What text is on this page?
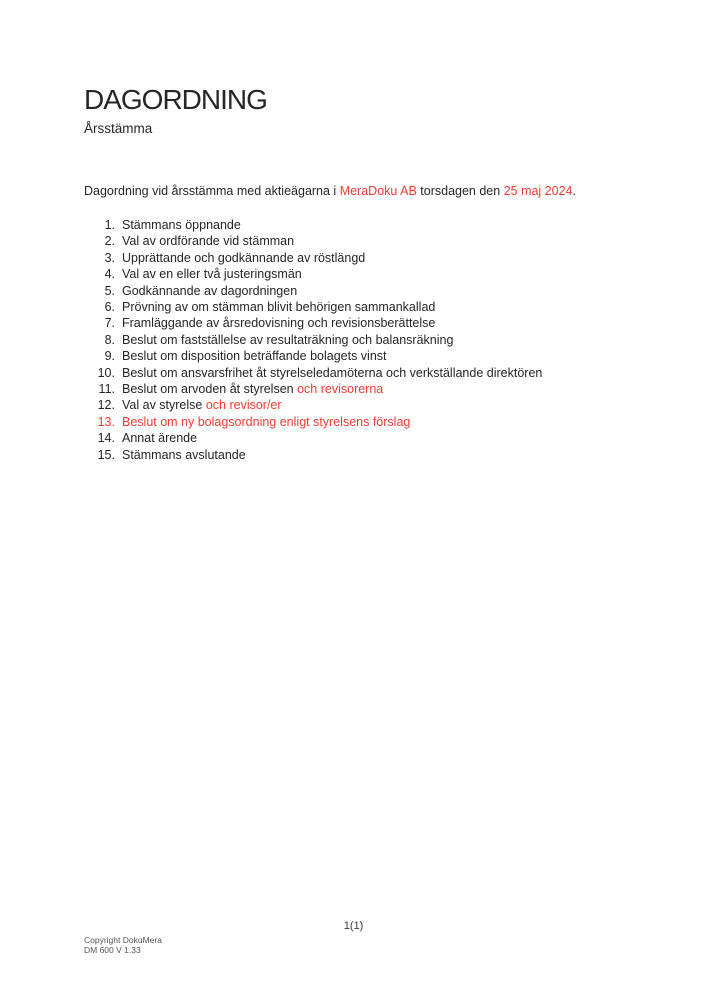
DAGORDNING
Årsstämma

Dagordning vid årsstämma med aktieägarna i MeraDoku AB torsdagen den 25 maj 2024.

1. Stämmans öppnande
2. Val av ordförande vid stämman
3. Upprättande och godkännande av röstlängd
4. Val av en eller två justeringsmän
5. Godkännande av dagordningen
6. Prövning av om stämman blivit behörigen sammankallad
7. Framläggande av årsredovisning och revisionsberättelse
8. Beslut om fastställelse av resultaträkning och balansräkning
9. Beslut om disposition beträffande bolagets vinst
10. Beslut om ansvarsfrihet åt styrelseledamöterna och verkställande direktören
11. Beslut om arvoden åt styrelsen och revisorerna
12. Val av styrelse och revisor/er
13. Beslut om ny bolagsordning enligt styrelsens förslag
14. Annat ärende
15. Stämmans avslutande
1(1)
Copyright DokuMera
DM 600 V 1.33
